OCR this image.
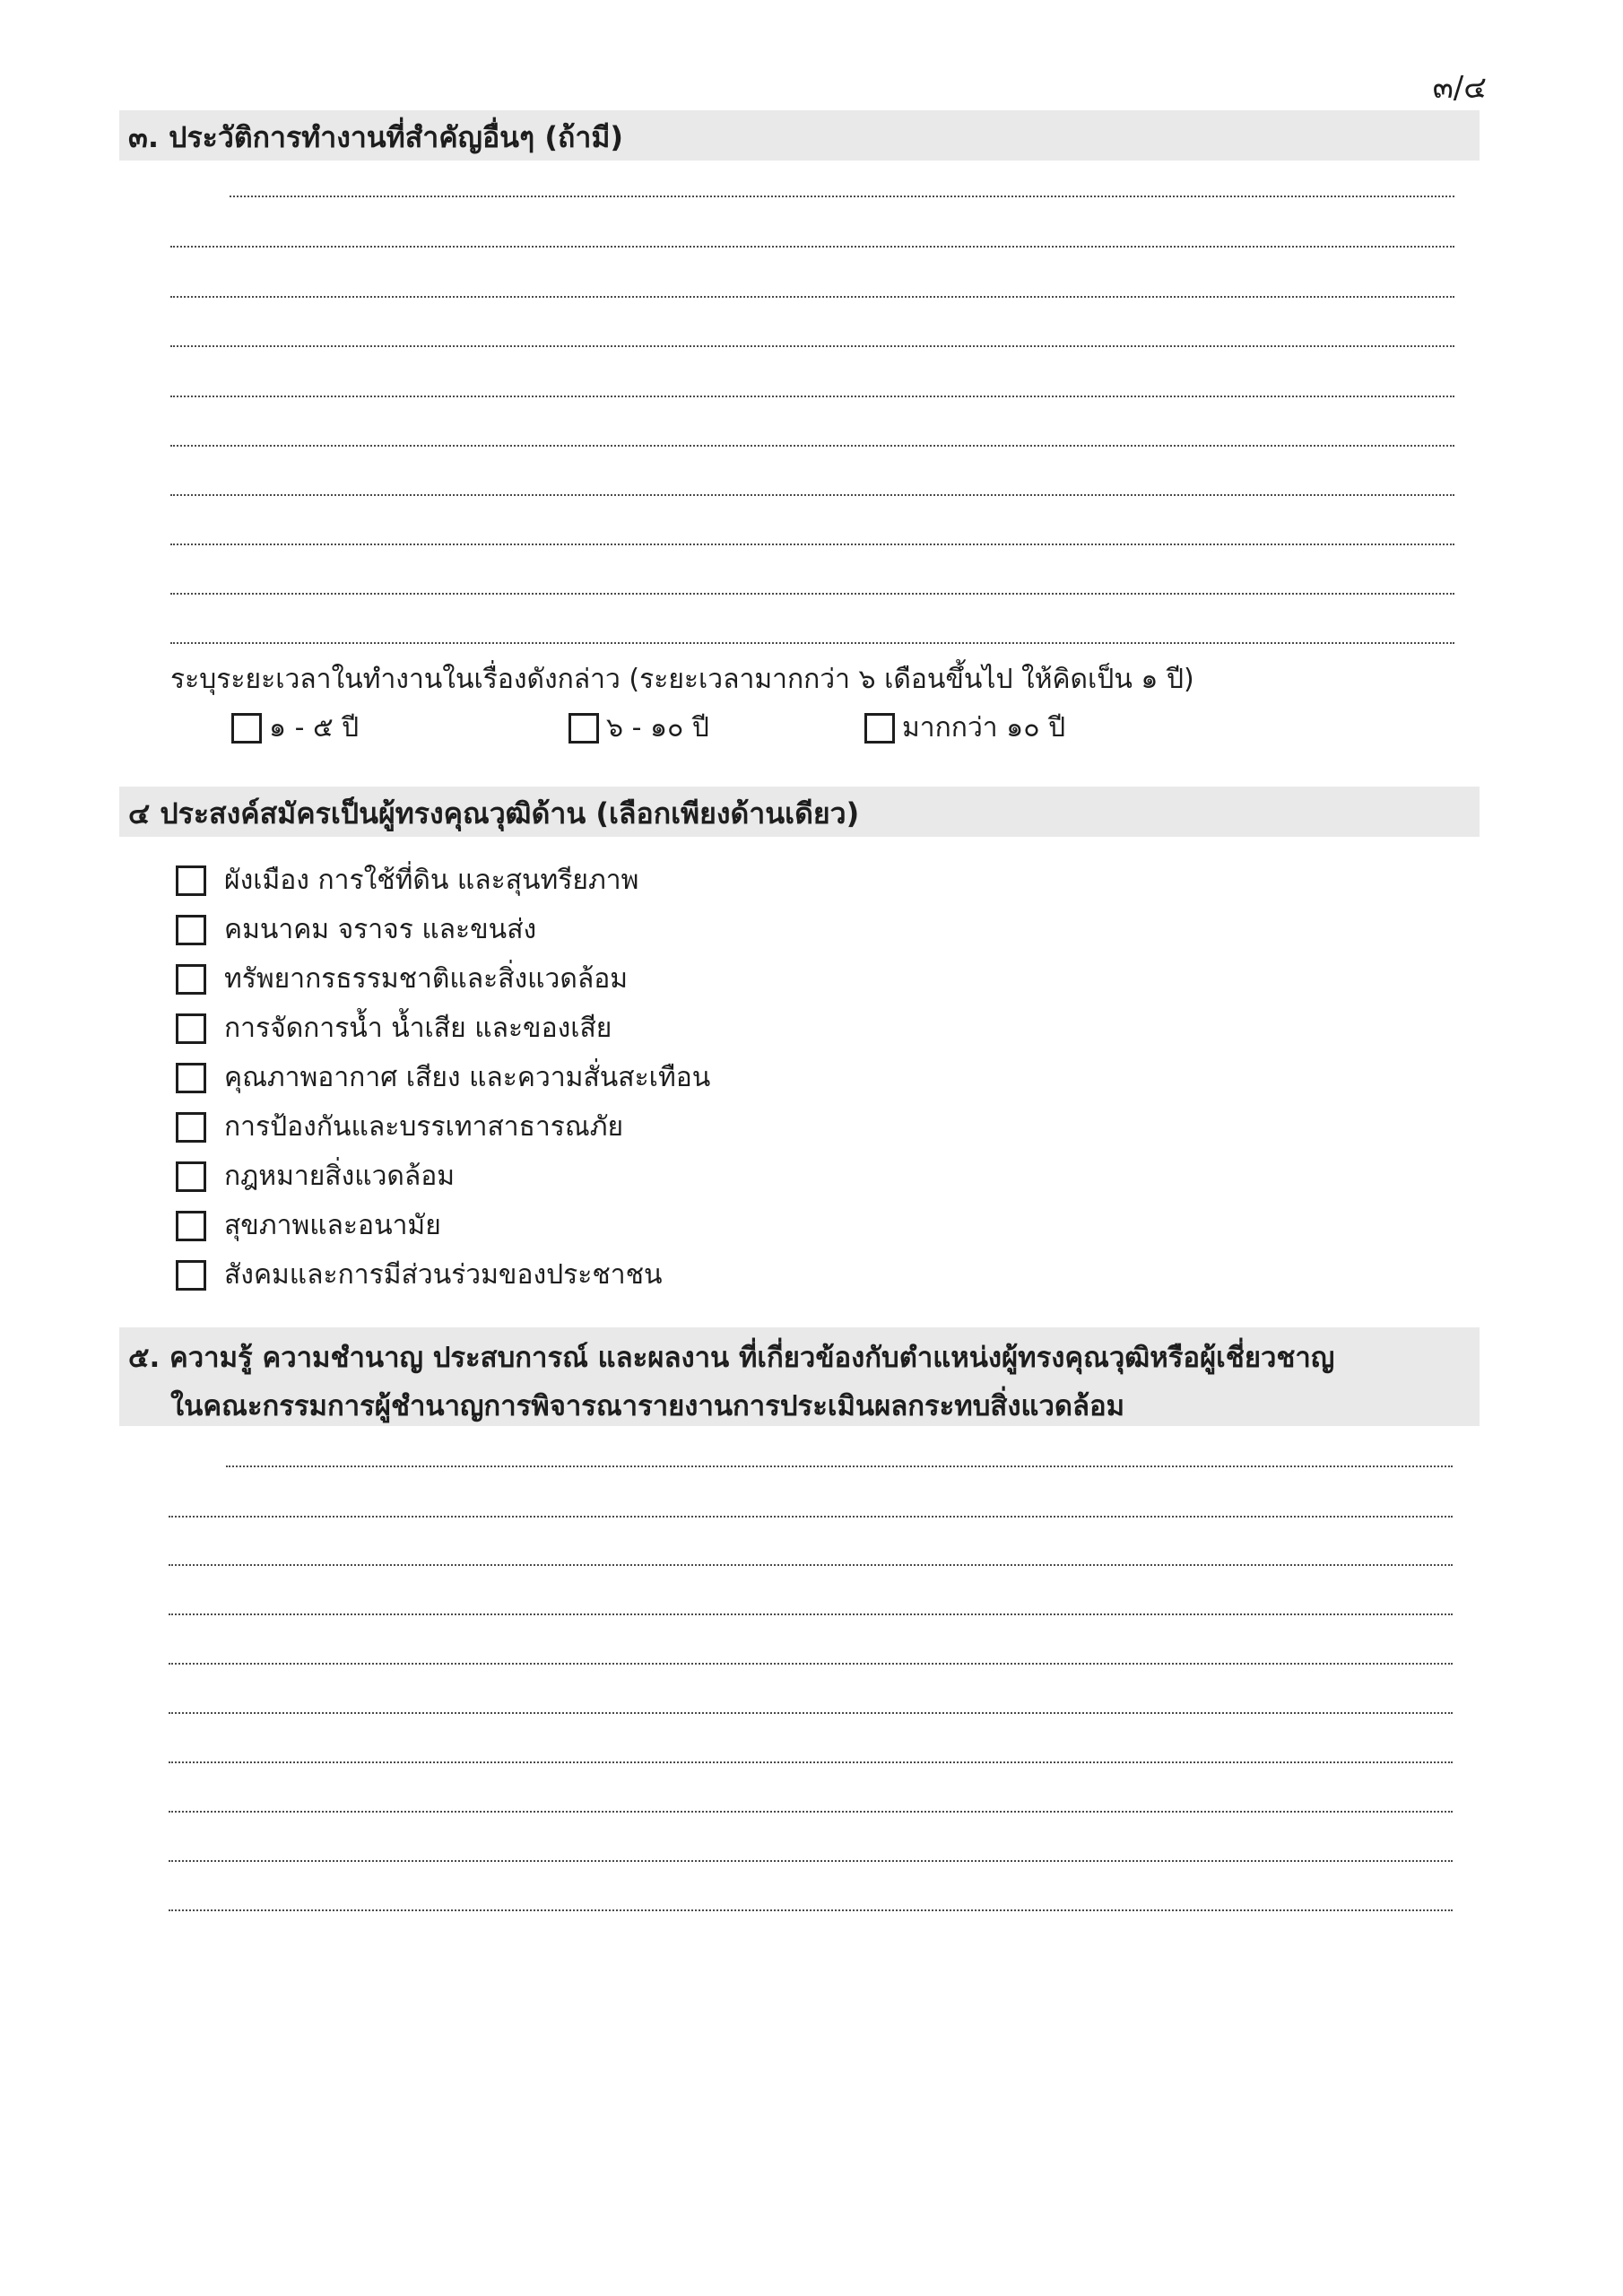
๓/๔
๓. ประวัติการทำงานที่สำคัญอื่นๆ (ถ้ามี)
ระบุระยะเวลาในทำงานในเรื่องดังกล่าว (ระยะเวลามากกว่า ๖ เดือนขึ้นไป ให้คิดเป็น ๑ ปี)
๑ - ๕ ปี	๖ - ๑๐ ปี	มากกว่า ๑๐ ปี
๔ ประสงค์สมัครเป็นผู้ทรงคุณวุฒิด้าน (เลือกเพียงด้านเดียว)
ผังเมือง การใช้ที่ดิน และสุนทรียภาพ
คมนาคม จราจร และขนส่ง
ทรัพยากรธรรมชาติและสิ่งแวดล้อม
การจัดการน้ำ น้ำเสีย และของเสีย
คุณภาพอากาศ เสียง และความสั่นสะเทือน
การป้องกันและบรรเทาสาธารณภัย
กฎหมายสิ่งแวดล้อม
สุขภาพและอนามัย
สังคมและการมีส่วนร่วมของประชาชน
๕. ความรู้ ความชำนาญ ประสบการณ์ และผลงาน ที่เกี่ยวข้องกับตำแหน่งผู้ทรงคุณวุฒิหรือผู้เชี่ยวชาญ
ในคณะกรรมการผู้ชำนาญการพิจารณารายงานการประเมินผลกระทบสิ่งแวดล้อม
